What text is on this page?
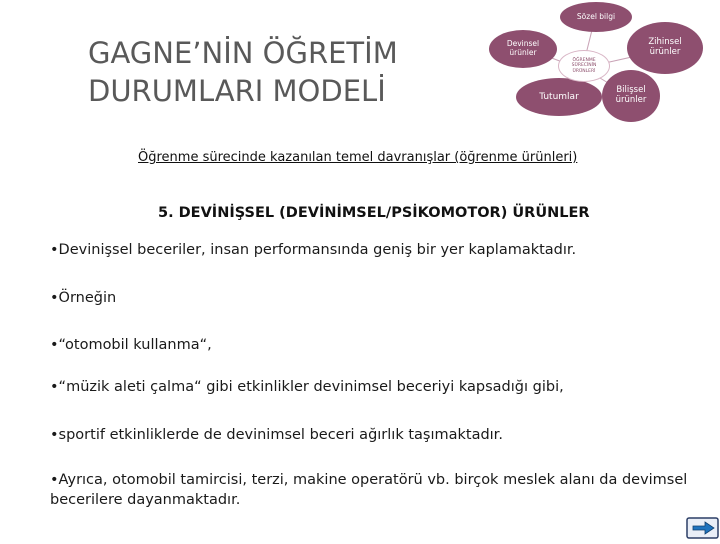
GAGNE’NİN ÖĞRETİM
DURUMLARI MODELİ
Sözel bilgi
Devinsel ürünler
Zihinsel ürünler
Tutumlar
Bilişsel ürünler
ÖĞRENME SÜRECİNİN ÜRÜNLERİ
Öğrenme sürecinde kazanılan temel davranışlar (öğrenme ürünleri)
5. DEVİNİŞSEL (DEVİNİMSEL/PSİKOMOTOR) ÜRÜNLER
•Devinişsel beceriler, insan performansında geniş bir yer kaplamaktadır.
•Örneğin
•“otomobil kullanma“,
•“müzik aleti çalma“ gibi etkinlikler devinimsel beceriyi kapsadığı gibi,
•sportif etkinliklerde de devinimsel beceri ağırlık taşımaktadır.
•Ayrıca, otomobil tamircisi, terzi, makine operatörü vb. birçok meslek alanı da devimsel becerilere dayanmaktadır.
